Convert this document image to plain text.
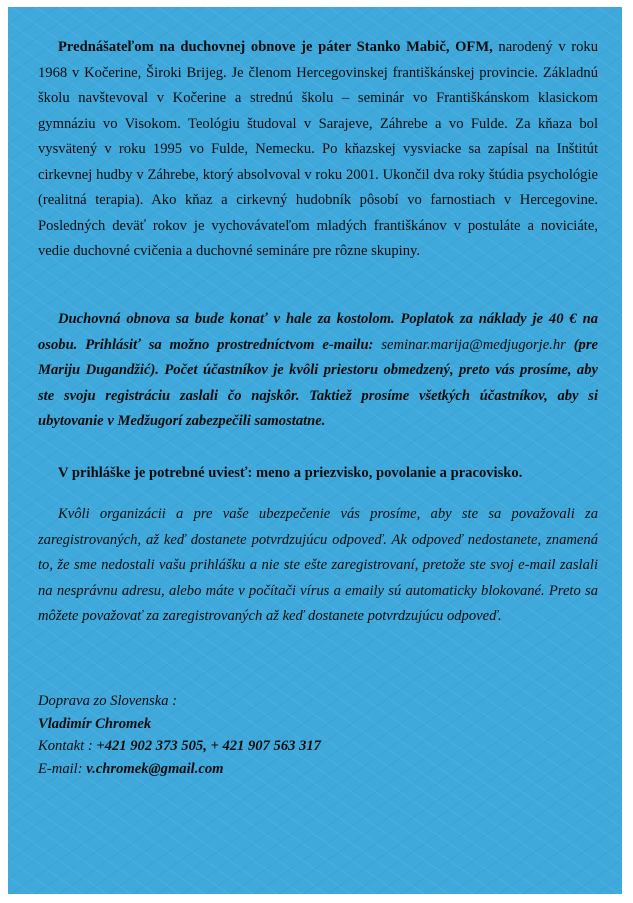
Prednášateľom na duchovnej obnove je páter Stanko Mabič, OFM, narodený v roku 1968 v Kočerine, Široki Brijeg. Je členom Hercegovinskej františkánskej provincie. Základnú školu navštevoval v Kočerine a strednú školu – seminár vo Františkánskom klasickom gymnáziu vo Visokom. Teológiu študoval v Sarajeve, Záhrebe a vo Fulde. Za kňaza bol vysvätený v roku 1995 vo Fulde, Nemecku. Po kňazskej vysviacke sa zapísal na Inštitút cirkevnej hudby v Záhrebe, ktorý absolvoval v roku 2001. Ukončil dva roky štúdia psychológie (realitná terapia). Ako kňaz a cirkevný hudobník pôsobí vo farnostiach v Hercegovine. Posledných deväť rokov je vychovávateľom mladých františkánov v postuláte a noviciáte, vedie duchovné cvičenia a duchovné semináre pre rôzne skupiny.

Duchovná obnova sa bude konať v hale za kostolom. Poplatok za náklady je 40 € na osobu. Prihlásiť sa možno prostredníctvom e-mailu: seminar.marija@medjugorje.hr (pre Mariju Dugandžić). Počet účastníkov je kvôli priestoru obmedzený, preto vás prosíme, aby ste svoju registráciu zaslali čo najskôr. Taktiež prosíme všetkých účastníkov, aby si ubytovanie v Medžugorí zabezpečili samostatne.

V prihláške je potrebné uviesť: meno a priezvisko, povolanie a pracovisko.

Kvôli organizácii a pre vaše ubezpečenie vás prosíme, aby ste sa považovali za zaregistrovaných, až keď dostanete potvrdzujúcu odpoveď. Ak odpoveď nedostanete, znamená to, že sme nedostali vašu prihlášku a nie ste ešte zaregistrovaní, pretože ste svoj e-mail zaslali na nesprávnu adresu, alebo máte v počítači vírus a emaily sú automaticky blokované. Preto sa môžete považovať za zaregistrovaných až keď dostanete potvrdzujúcu odpoveď.

Doprava zo Slovenska :
Vladimír Chromek
Kontakt : +421 902 373 505, + 421 907 563 317
E-mail: v.chromek@gmail.com
